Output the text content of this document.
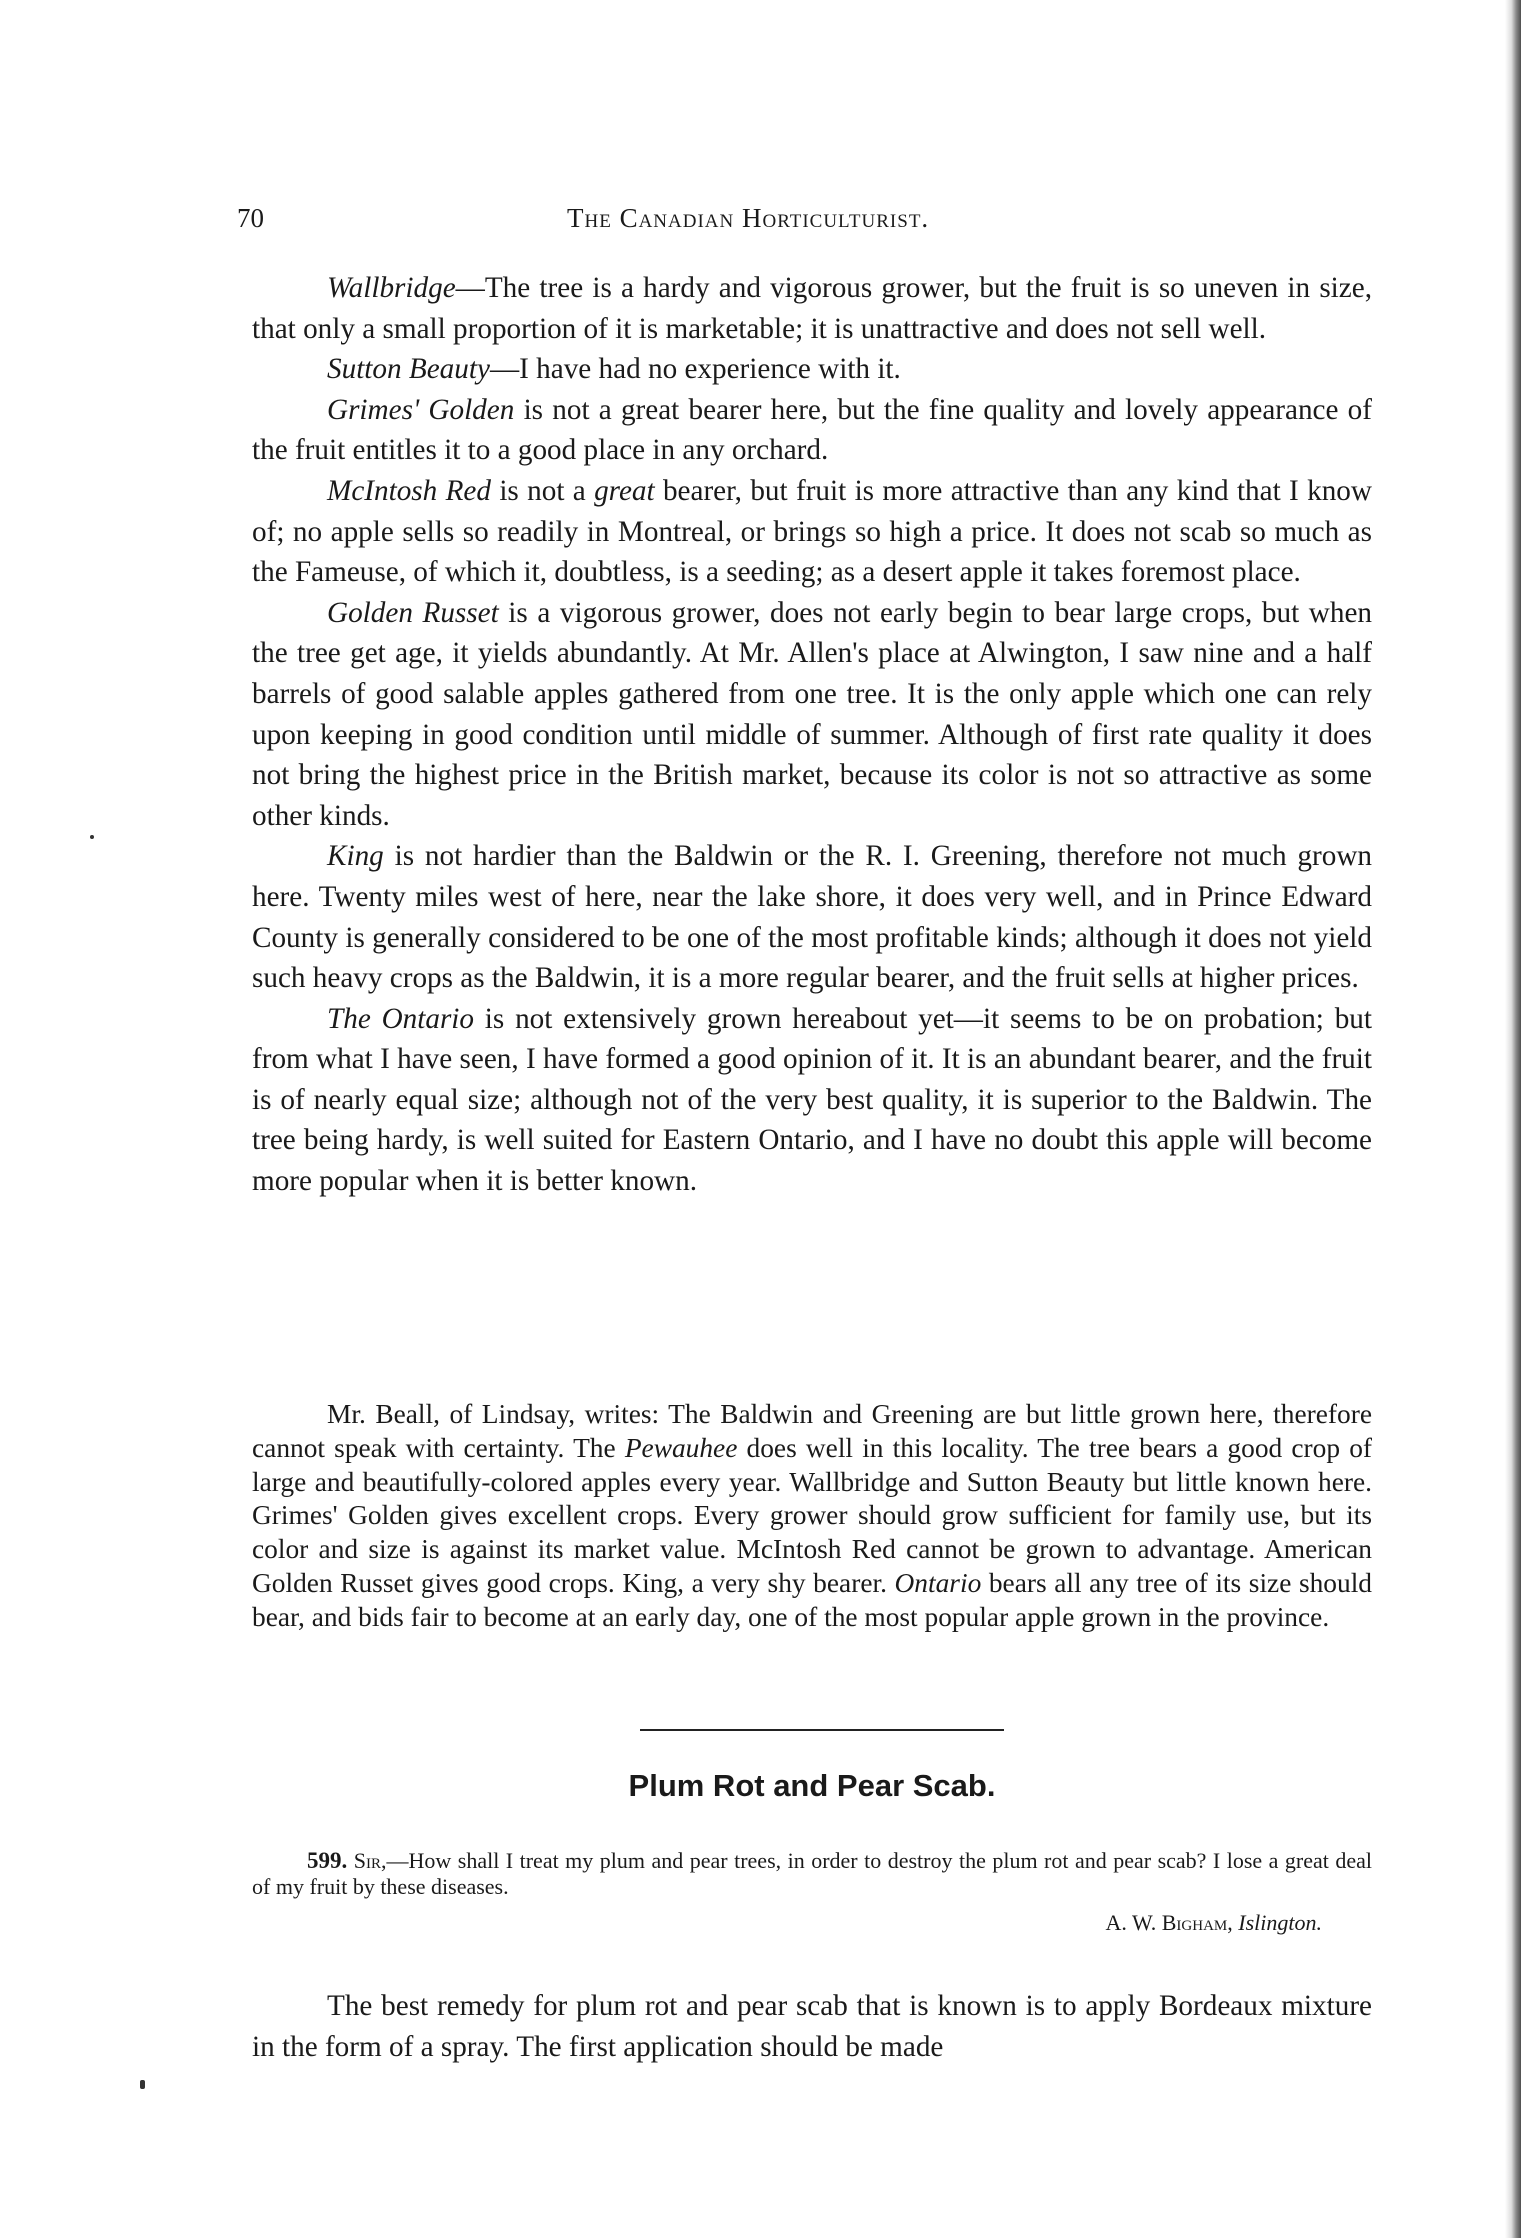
70	The Canadian Horticulturist.

Wallbridge—The tree is a hardy and vigorous grower, but the fruit is so uneven in size, that only a small proportion of it is marketable; it is unattractive and does not sell well.

Sutton Beauty—I have had no experience with it.

Grimes' Golden is not a great bearer here, but the fine quality and lovely appearance of the fruit entitles it to a good place in any orchard.

McIntosh Red is not a great bearer, but fruit is more attractive than any kind that I know of; no apple sells so readily in Montreal, or brings so high a price. It does not scab so much as the Fameuse, of which it, doubtless, is a seeding; as a desert apple it takes foremost place.

Golden Russet is a vigorous grower, does not early begin to bear large crops, but when the tree get age, it yields abundantly. At Mr. Allen's place at Alwington, I saw nine and a half barrels of good salable apples gathered from one tree. It is the only apple which one can rely upon keeping in good condition until middle of summer. Although of first rate quality it does not bring the highest price in the British market, because its color is not so attractive as some other kinds.

King is not hardier than the Baldwin or the R. I. Greening, therefore not much grown here. Twenty miles west of here, near the lake shore, it does very well, and in Prince Edward County is generally considered to be one of the most profitable kinds; although it does not yield such heavy crops as the Baldwin, it is a more regular bearer, and the fruit sells at higher prices.

The Ontario is not extensively grown hereabout yet—it seems to be on probation; but from what I have seen, I have formed a good opinion of it. It is an abundant bearer, and the fruit is of nearly equal size; although not of the very best quality, it is superior to the Baldwin. The tree being hardy, is well suited for Eastern Ontario, and I have no doubt this apple will become more popular when it is better known.

Mr. Beall, of Lindsay, writes: The Baldwin and Greening are but little grown here, therefore cannot speak with certainty. The Pewauhee does well in this locality. The tree bears a good crop of large and beautifully-colored apples every year. Wallbridge and Sutton Beauty but little known here. Grimes' Golden gives excellent crops. Every grower should grow sufficient for family use, but its color and size is against its market value. McIntosh Red cannot be grown to advantage. American Golden Russet gives good crops. King, a very shy bearer. Ontario bears all any tree of its size should bear, and bids fair to become at an early day, one of the most popular apple grown in the province.

Plum Rot and Pear Scab.

599. Sir,—How shall I treat my plum and pear trees, in order to destroy the plum rot and pear scab? I lose a great deal of my fruit by these diseases.

A. W. Bigham, Islington.

The best remedy for plum rot and pear scab that is known is to apply Bordeaux mixture in the form of a spray. The first application should be made
